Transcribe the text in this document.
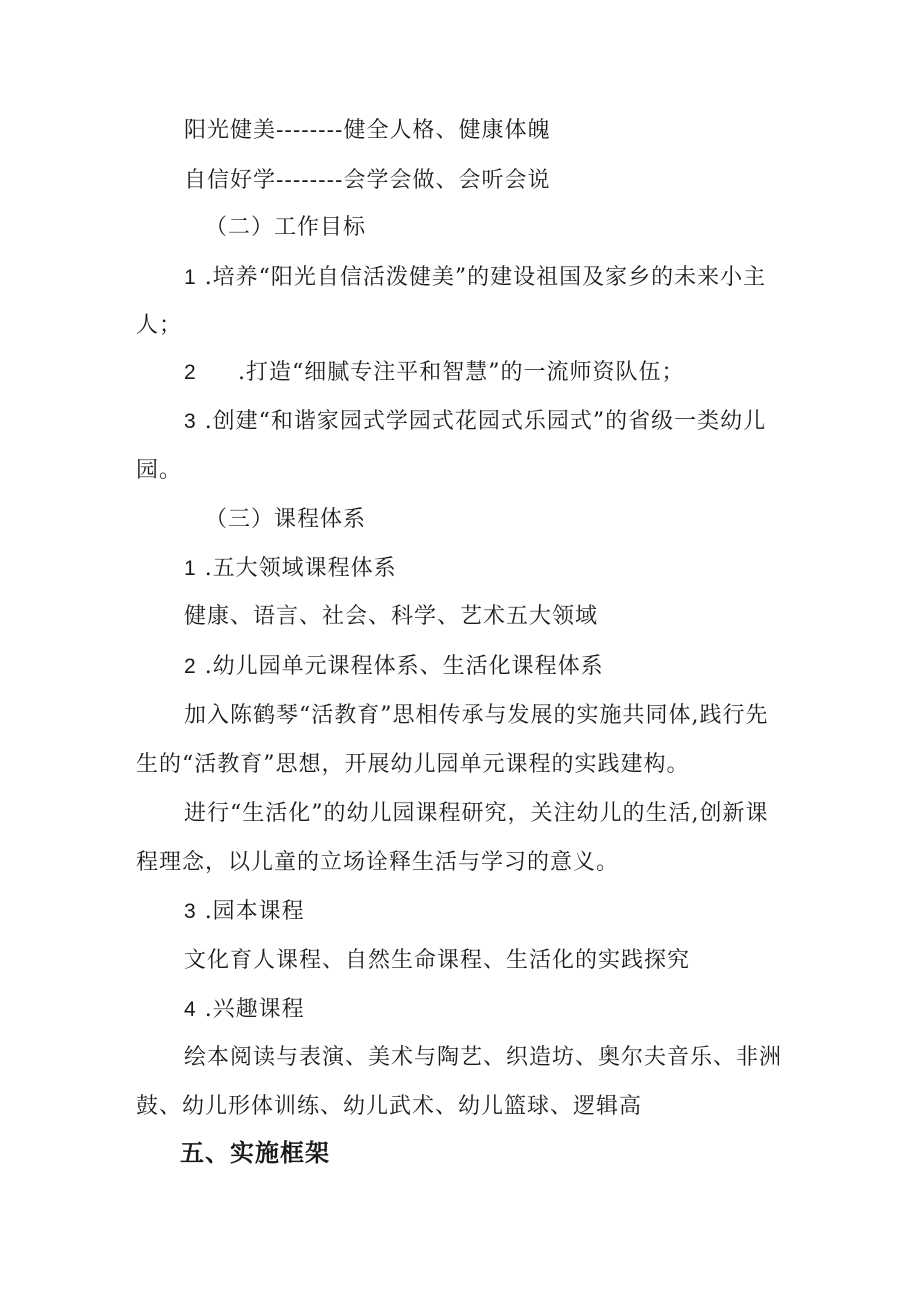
阳光健美--------健全人格、健康体魄
自信好学--------会学会做、会听会说
（二）工作目标
1 .培养“阳光自信活泼健美”的建设祖国及家乡的未来小主
人；
2 .打造“细腻专注平和智慧”的一流师资队伍；
3 .创建“和谐家园式学园式花园式乐园式”的省级一类幼儿
园。
（三）课程体系
1 .五大领域课程体系
健康、语言、社会、科学、艺术五大领域
2 .幼儿园单元课程体系、生活化课程体系
加入陈鹤琴“活教育”思相传承与发展的实施共同体,践行先
生的“活教育”思想，开展幼儿园单元课程的实践建构。
进行“生活化”的幼儿园课程研究，关注幼儿的生活,创新课
程理念，以儿童的立场诠释生活与学习的意义。
3 .园本课程
文化育人课程、自然生命课程、生活化的实践探究
4 .兴趣课程
绘本阅读与表演、美术与陶艺、织造坊、奥尔夫音乐、非洲
鼓、幼儿形体训练、幼儿武术、幼儿篮球、逻辑高
五、实施框架
